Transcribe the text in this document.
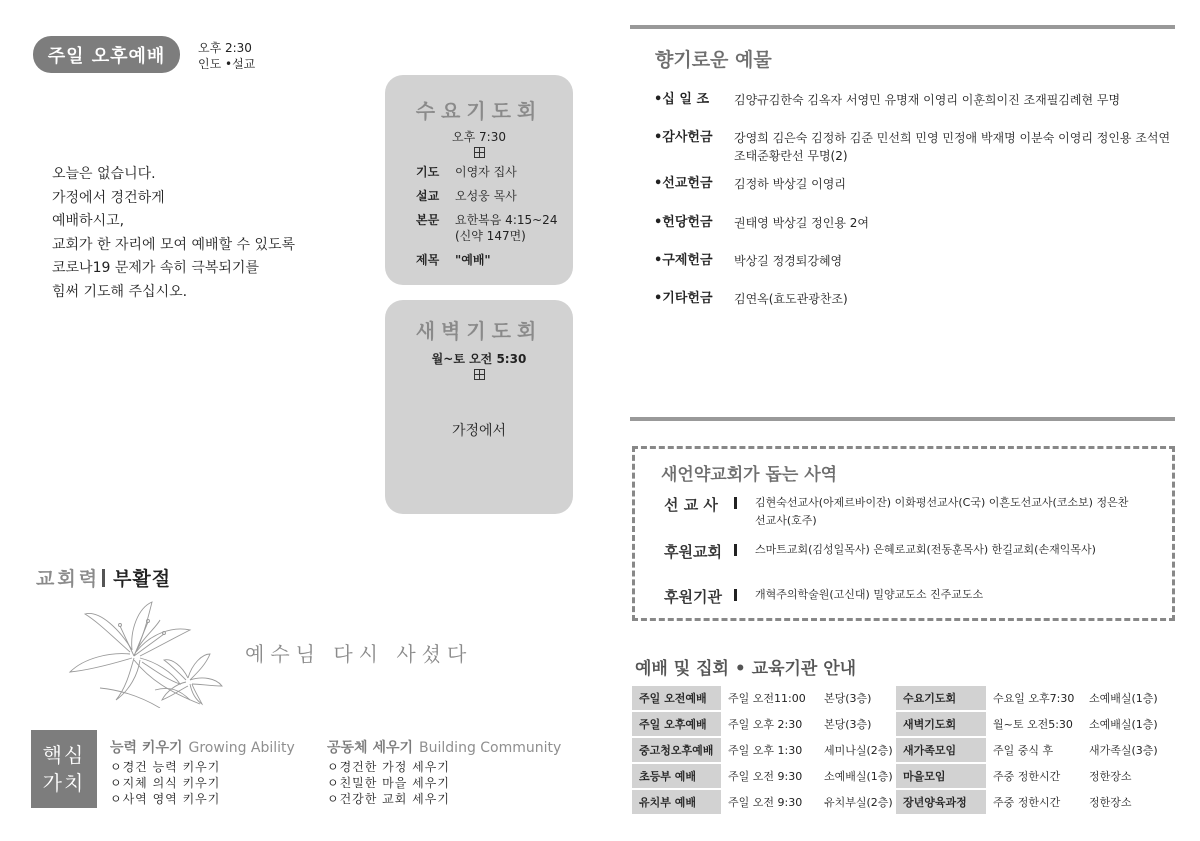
주일 오후예배	오후 2:30
인도 •설교
오늘은 없습니다.
가정에서 경건하게
예배하시고,
교회가 한 자리에 모여 예배할 수 있도록
코로나19 문제가 속히 극복되기를
힘써 기도해 주십시오.
수요기도회
오후 7:30
기도	이영자 집사
설교	오성웅 목사
본문	요한복음 4:15~24
(신약 147면)
제목	"예배"
새벽기도회
월~토 오전 5:30
가정에서
교회력 부활절
예수님 다시 사셨다
핵심
가치
능력 키우기 Growing Ability
ㅇ경건 능력 키우기
ㅇ지체 의식 키우기
ㅇ사역 영역 키우기
공동체 세우기 Building Community
ㅇ경건한 가정 세우기
ㅇ친밀한 마을 세우기
ㅇ건강한 교회 세우기
향기로운 예물
•십 일 조	김양규김한숙 김옥자 서영민 유명재 이영리 이훈희이진 조재필김례현 무명
•감사헌금	강영희 김은숙 김정하 김준 민선희 민영 민정애 박재명 이분숙 이영리 정인용 조석연 조태준황란선 무명(2)
•선교헌금	김정하 박상길 이영리
•헌당헌금	권태영 박상길 정인용 2여
•구제헌금	박상길 정경퇴강혜영
•기타헌금	김연옥(효도관광찬조)
새언약교회가 돕는 사역
선 교 사	김현숙선교사(아제르바이잔) 이화평선교사(C국) 이흔도선교사(코소보) 정은찬선교사(호주)
후원교회	스마트교회(김성일목사) 은혜로교회(전동훈목사) 한길교회(손재익목사)
후원기관	개혁주의학술원(고신대) 밀양교도소 진주교도소
예배 및 집회 • 교육기관 안내
주일 오전예배	주일 오전11:00	본당(3층)	수요기도회	수요일 오후7:30	소예배실(1층)
주일 오후예배	주일 오후 2:30	본당(3층)	새벽기도회	월~토 오전5:30	소예배실(1층)
중고청오후예배	주일 오후 1:30	세미나실(2층)	새가족모임	주일 중식 후	새가족실(3층)
초등부 예배	주일 오전 9:30	소예배실(1층)	마을모임	주중 정한시간	정한장소
유치부 예배	주일 오전 9:30	유치부실(2층)	장년양육과정	주중 정한시간	정한장소
